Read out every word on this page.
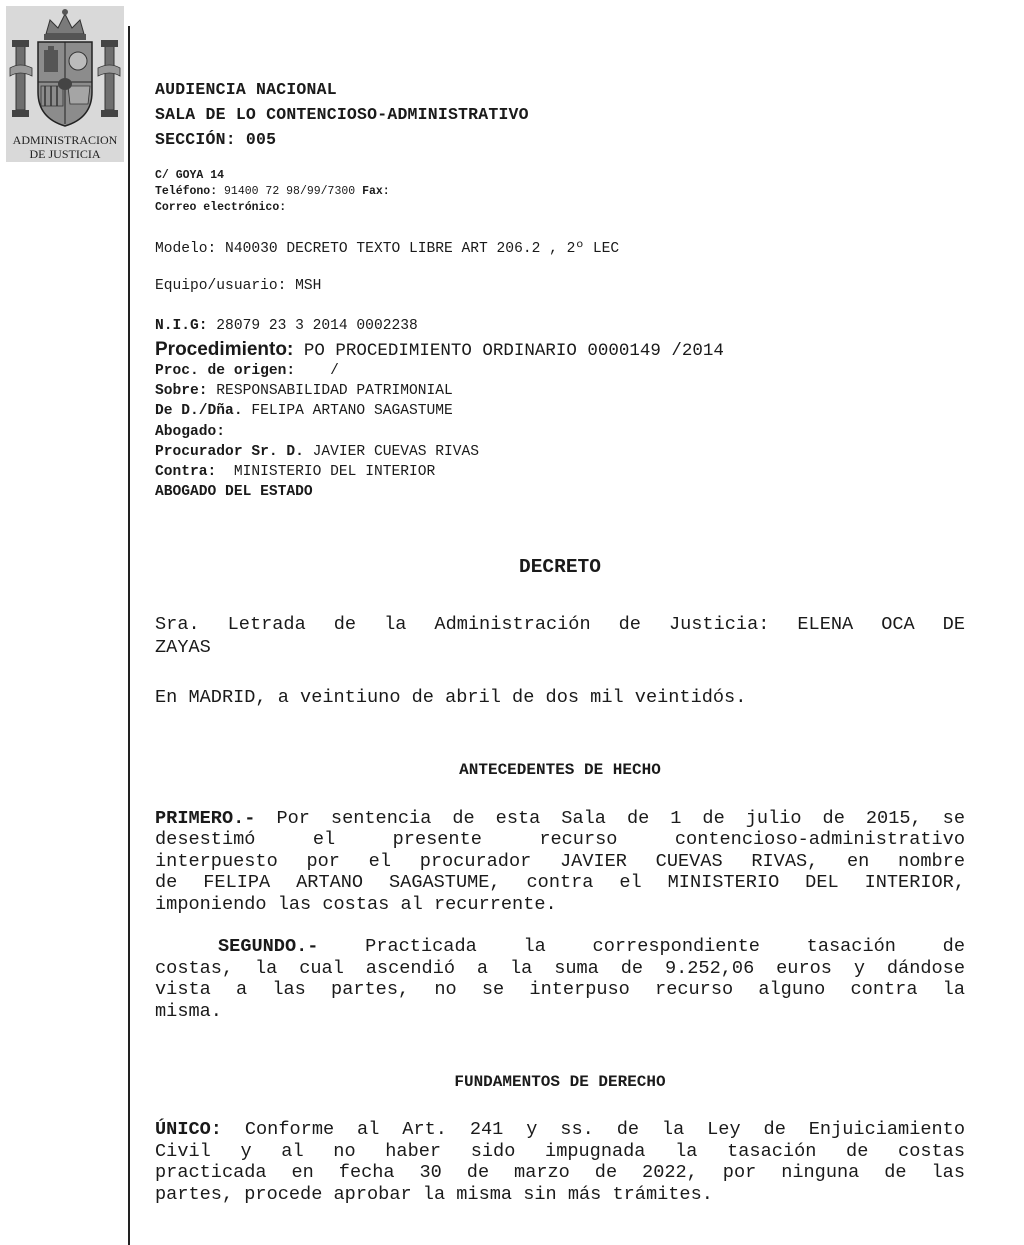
ADMINISTRACION
DE JUSTICIA
AUDIENCIA NACIONAL
SALA DE LO CONTENCIOSO-ADMINISTRATIVO
SECCIÓN: 005
C/ GOYA 14
Teléfono: 91400 72 98/99/7300 Fax:
Correo electrónico:
Modelo: N40030 DECRETO TEXTO LIBRE ART 206.2 , 2º LEC
Equipo/usuario: MSH
N.I.G: 28079 23 3 2014 0002238
Procedimiento: PO PROCEDIMIENTO ORDINARIO 0000149 /2014
Proc. de origen:    /
Sobre: RESPONSABILIDAD PATRIMONIAL
De D./Dña. FELIPA ARTANO SAGASTUME
Abogado:
Procurador Sr. D. JAVIER CUEVAS RIVAS
Contra:  MINISTERIO DEL INTERIOR
ABOGADO DEL ESTADO
DECRETO
Sra. Letrada de la Administración de Justicia: ELENA OCA DE
ZAYAS
En MADRID, a veintiuno de abril de dos mil veintidós.
ANTECEDENTES DE HECHO
PRIMERO.- Por sentencia de esta Sala de 1 de julio de 2015, se
desestimó el presente recurso contencioso-administrativo
interpuesto por el procurador JAVIER CUEVAS RIVAS, en nombre
de FELIPA ARTANO SAGASTUME, contra el MINISTERIO DEL INTERIOR,
imponiendo las costas al recurrente.
SEGUNDO.- Practicada la correspondiente tasación de
costas, la cual ascendió a la suma de 9.252,06 euros y dándose
vista a las partes, no se interpuso recurso alguno contra la
misma.
FUNDAMENTOS DE DERECHO
ÚNICO: Conforme al Art. 241 y ss. de la Ley de Enjuiciamiento
Civil y al no haber sido impugnada la tasación de costas
practicada en fecha 30 de marzo de 2022, por ninguna de las
partes, procede aprobar la misma sin más trámites.
